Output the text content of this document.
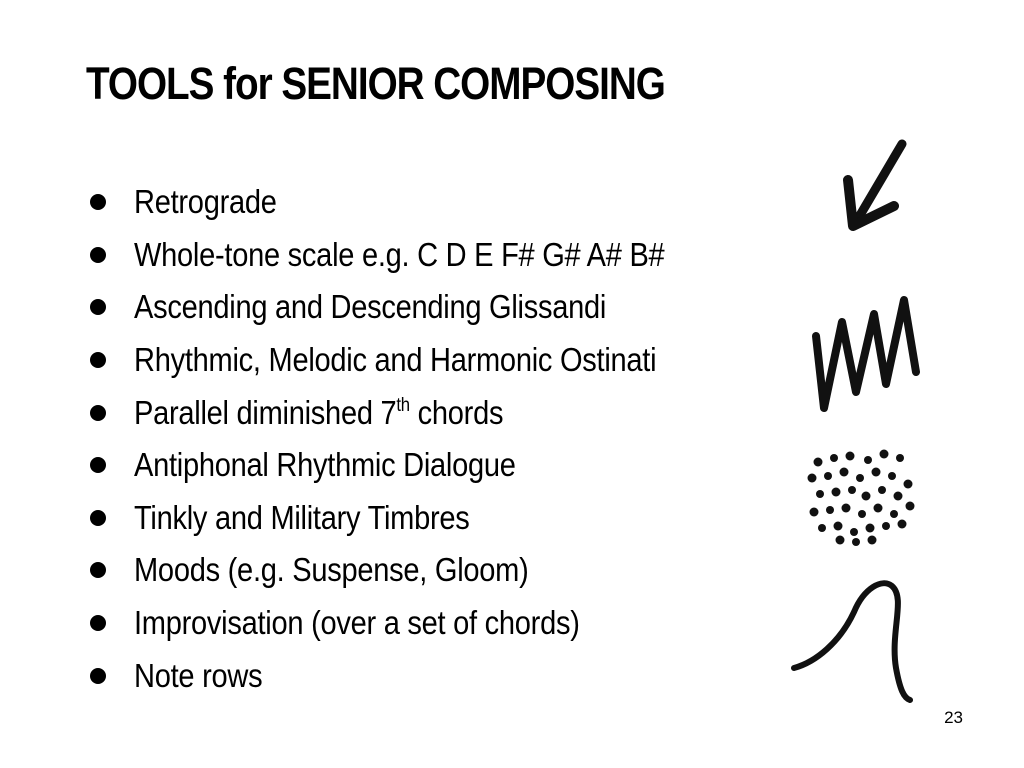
TOOLS for SENIOR COMPOSING
Retrograde
Whole-tone scale e.g. C D E F# G# A# B#
Ascending and Descending Glissandi
Rhythmic, Melodic and Harmonic Ostinati
Parallel diminished 7th chords
Antiphonal Rhythmic Dialogue
Tinkly and Military Timbres
Moods (e.g. Suspense, Gloom)
Improvisation (over a set of chords)
Note rows
23
